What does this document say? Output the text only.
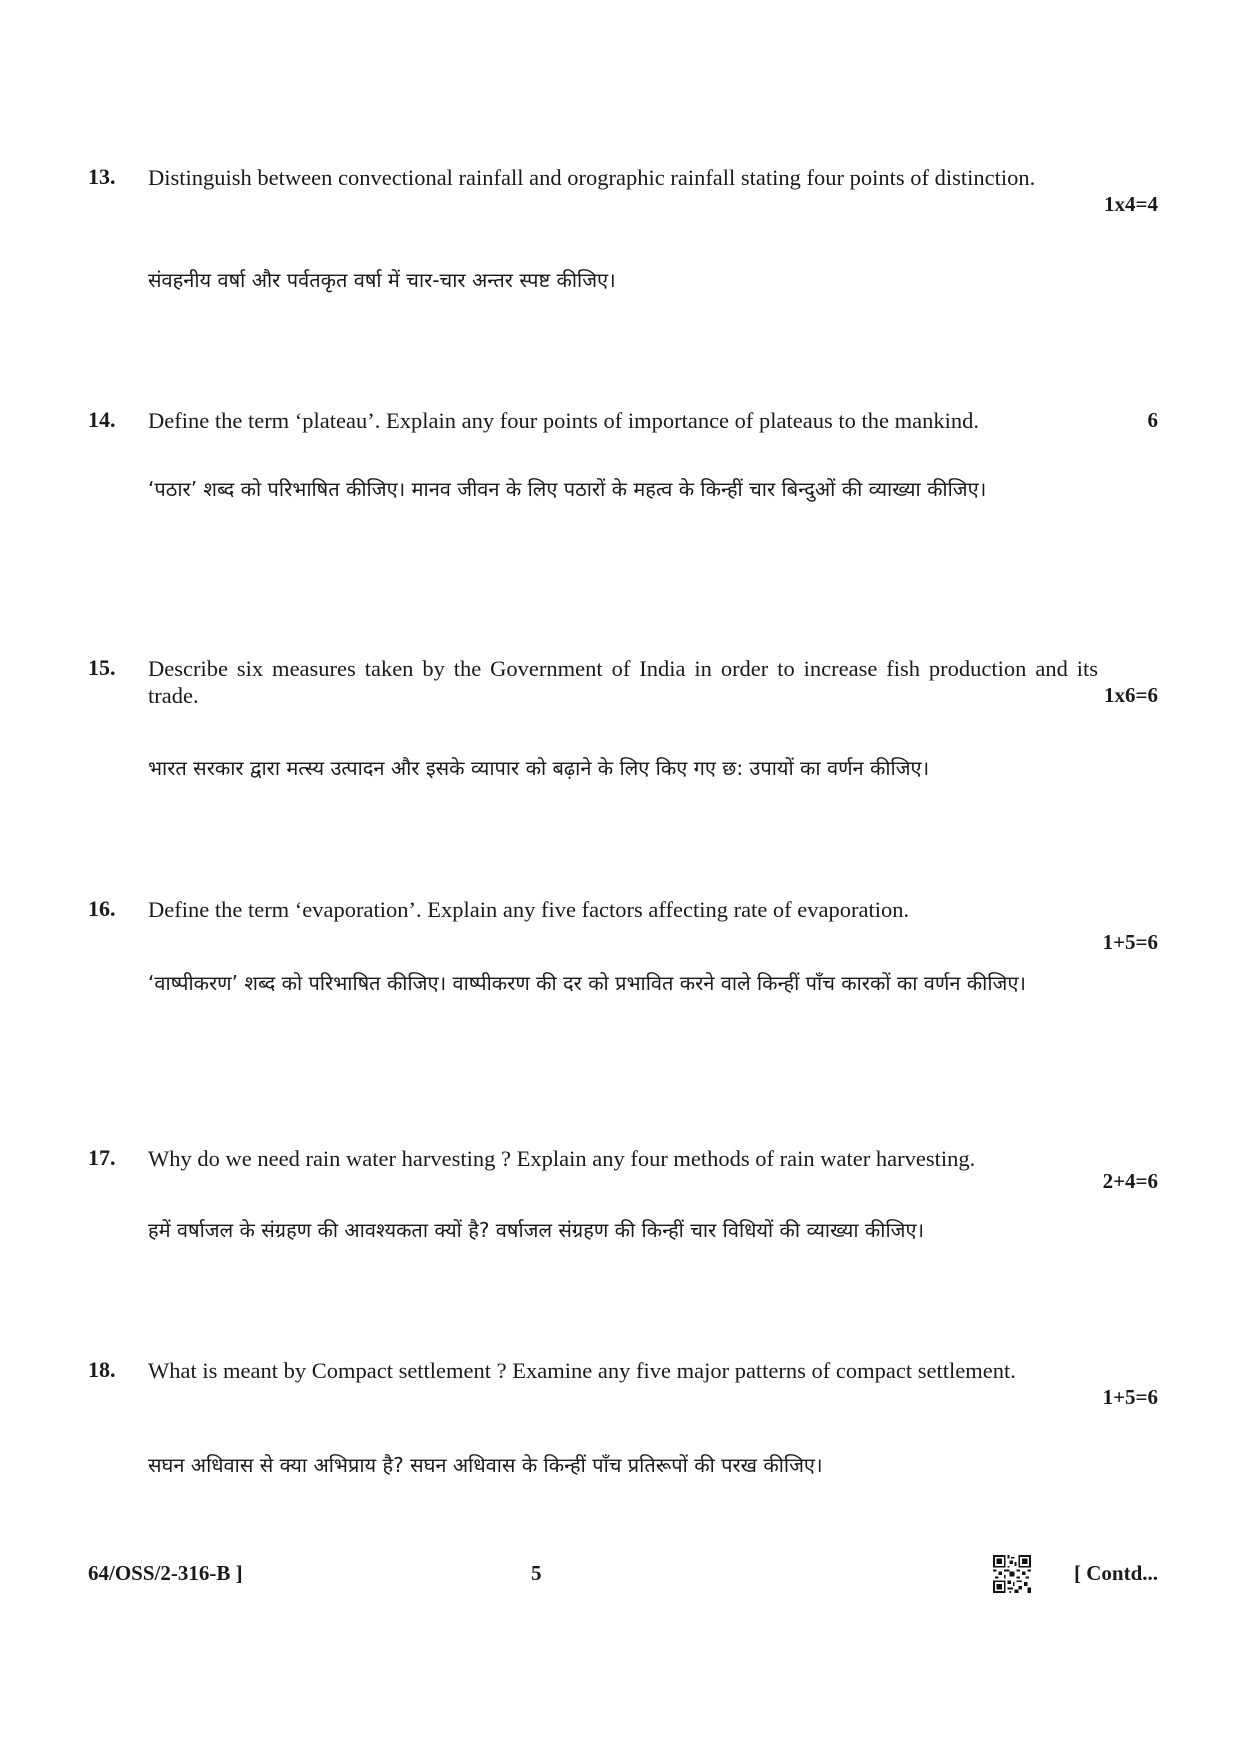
13. Distinguish between convectional rainfall and orographic rainfall stating four points of distinction.
1x4=4
संवहनीय वर्षा और पर्वतकृत वर्षा में चार-चार अन्तर स्पष्ट कीजिए।
14. Define the term ‘plateau’. Explain any four points of importance of plateaus to the mankind.	6
‘पठार’ शब्द को परिभाषित कीजिए। मानव जीवन के लिए पठारों के महत्व के किन्हीं चार बिन्दुओं की व्याख्या कीजिए।
15. Describe six measures taken by the Government of India in order to increase fish production and its trade.	1x6=6
भारत सरकार द्वारा मत्स्य उत्पादन और इसके व्यापार को बढ़ाने के लिए किए गए छ: उपायों का वर्णन कीजिए।
16. Define the term ‘evaporation’. Explain any five factors affecting rate of evaporation.
1+5=6
‘वाष्पीकरण’ शब्द को परिभाषित कीजिए। वाष्पीकरण की दर को प्रभावित करने वाले किन्हीं पाँच कारकों का वर्णन कीजिए।
17. Why do we need rain water harvesting ? Explain any four methods of rain water harvesting.
2+4=6
हमें वर्षाजल के संग्रहण की आवश्यकता क्यों है? वर्षाजल संग्रहण की किन्हीं चार विधियों की व्याख्या कीजिए।
18. What is meant by Compact settlement ? Examine any five major patterns of compact settlement.
1+5=6
सघन अधिवास से क्या अभिप्राय है? सघन अधिवास के किन्हीं पाँच प्रतिरूपों की परख कीजिए।
64/OSS/2-316-B ]	5	[ Contd...
